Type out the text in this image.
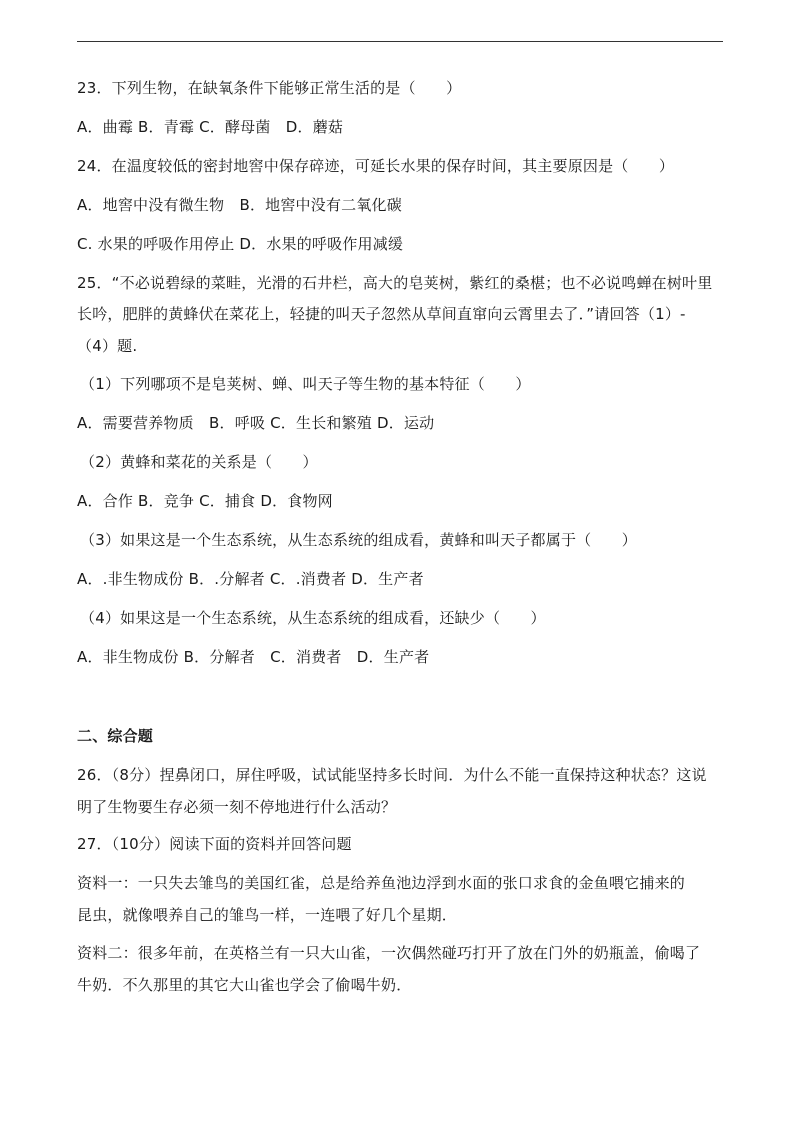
23．下列生物，在缺氧条件下能够正常生活的是（　　）
A．曲霉 B．青霉 C．酵母菌　D．蘑菇
24．在温度较低的密封地窖中保存碎迹，可延长水果的保存时间，其主要原因是（　　）
A．地窖中没有微生物　B．地窖中没有二氧化碳
C. 水果的呼吸作用停止 D．水果的呼吸作用减缓
25．“不必说碧绿的菜畦，光滑的石井栏，高大的皂荚树，紫红的桑椹；也不必说鸣蝉在树叶里
长吟，肥胖的黄蜂伏在菜花上，轻捷的叫天子忽然从草间直窜向云霄里去了．”请回答（1）-
（4）题.
（1）下列哪项不是皂荚树、蝉、叫天子等生物的基本特征（　　）
A．需要营养物质　B．呼吸 C．生长和繁殖 D．运动
（2）黄蜂和菜花的关系是（　　）
A．合作 B．竞争 C．捕食 D．食物网
（3）如果这是一个生态系统，从生态系统的组成看，黄蜂和叫天子都属于（　　）
A．.非生物成份 B．.分解者 C．.消费者 D．生产者
（4）如果这是一个生态系统，从生态系统的组成看，还缺少（　　）
A．非生物成份 B．分解者　C．消费者　D．生产者
二、综合题
26．（8分）捏鼻闭口，屏住呼吸，试试能坚持多长时间．为什么不能一直保持这种状态？这说
明了生物要生存必须一刻不停地进行什么活动？
27．（10分）阅读下面的资料并回答问题
资料一：一只失去雏鸟的美国红雀，总是给养鱼池边浮到水面的张口求食的金鱼喂它捕来的
昆虫，就像喂养自己的雏鸟一样，一连喂了好几个星期．
资料二：很多年前，在英格兰有一只大山雀，一次偶然碰巧打开了放在门外的奶瓶盖，偷喝了
牛奶．不久那里的其它大山雀也学会了偷喝牛奶．
